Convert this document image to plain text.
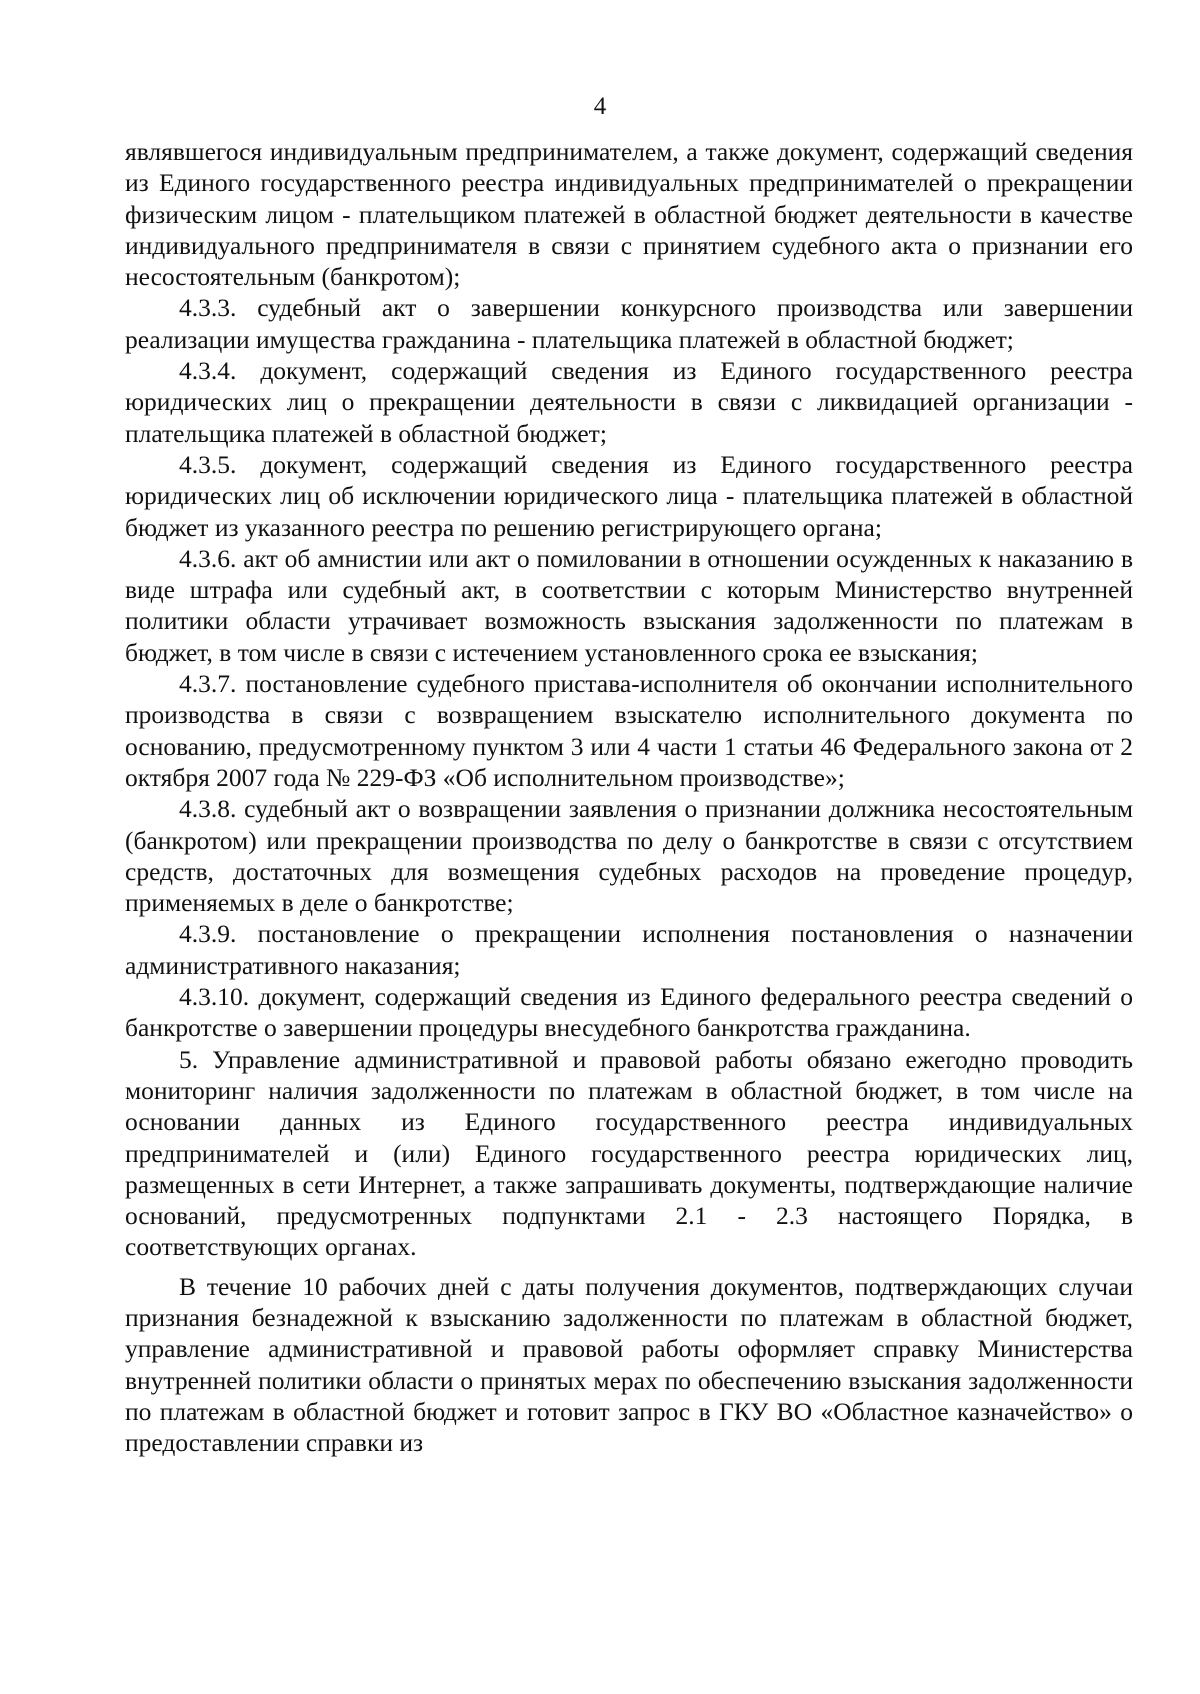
4

являвшегося индивидуальным предпринимателем, а также документ, содержащий сведения из Единого государственного реестра индивидуальных предпринимателей о прекращении физическим лицом - плательщиком платежей в областной бюджет деятельности в качестве индивидуального предпринимателя в связи с принятием судебного акта о признании его несостоятельным (банкротом);

4.3.3. судебный акт о завершении конкурсного производства или завершении реализации имущества гражданина - плательщика платежей в областной бюджет;

4.3.4. документ, содержащий сведения из Единого государственного реестра юридических лиц о прекращении деятельности в связи с ликвидацией организации - плательщика платежей в областной бюджет;

4.3.5. документ, содержащий сведения из Единого государственного реестра юридических лиц об исключении юридического лица - плательщика платежей в областной бюджет из указанного реестра по решению регистрирующего органа;

4.3.6. акт об амнистии или акт о помиловании в отношении осужденных к наказанию в виде штрафа или судебный акт, в соответствии с которым Министерство внутренней политики области утрачивает возможность взыскания задолженности по платежам в бюджет, в том числе в связи с истечением установленного срока ее взыскания;

4.3.7. постановление судебного пристава-исполнителя об окончании исполнительного производства в связи с возвращением взыскателю исполнительного документа по основанию, предусмотренному пунктом 3 или 4 части 1 статьи 46 Федерального закона от 2 октября 2007 года № 229-ФЗ «Об исполнительном производстве»;

4.3.8. судебный акт о возвращении заявления о признании должника несостоятельным (банкротом) или прекращении производства по делу о банкротстве в связи с отсутствием средств, достаточных для возмещения судебных расходов на проведение процедур, применяемых в деле о банкротстве;

4.3.9. постановление о прекращении исполнения постановления о назначении административного наказания;

4.3.10. документ, содержащий сведения из Единого федерального реестра сведений о банкротстве о завершении процедуры внесудебного банкротства гражданина.

5. Управление административной и правовой работы обязано ежегодно проводить мониторинг наличия задолженности по платежам в областной бюджет, в том числе на основании данных из Единого государственного реестра индивидуальных предпринимателей и (или) Единого государственного реестра юридических лиц, размещенных в сети Интернет, а также запрашивать документы, подтверждающие наличие оснований, предусмотренных подпунктами 2.1 - 2.3 настоящего Порядка, в соответствующих органах.

В течение 10 рабочих дней с даты получения документов, подтверждающих случаи признания безнадежной к взысканию задолженности по платежам в областной бюджет, управление административной и правовой работы оформляет справку Министерства внутренней политики области о принятых мерах по обеспечению взыскания задолженности по платежам в областной бюджет и готовит запрос в ГКУ ВО «Областное казначейство» о предоставлении справки из
